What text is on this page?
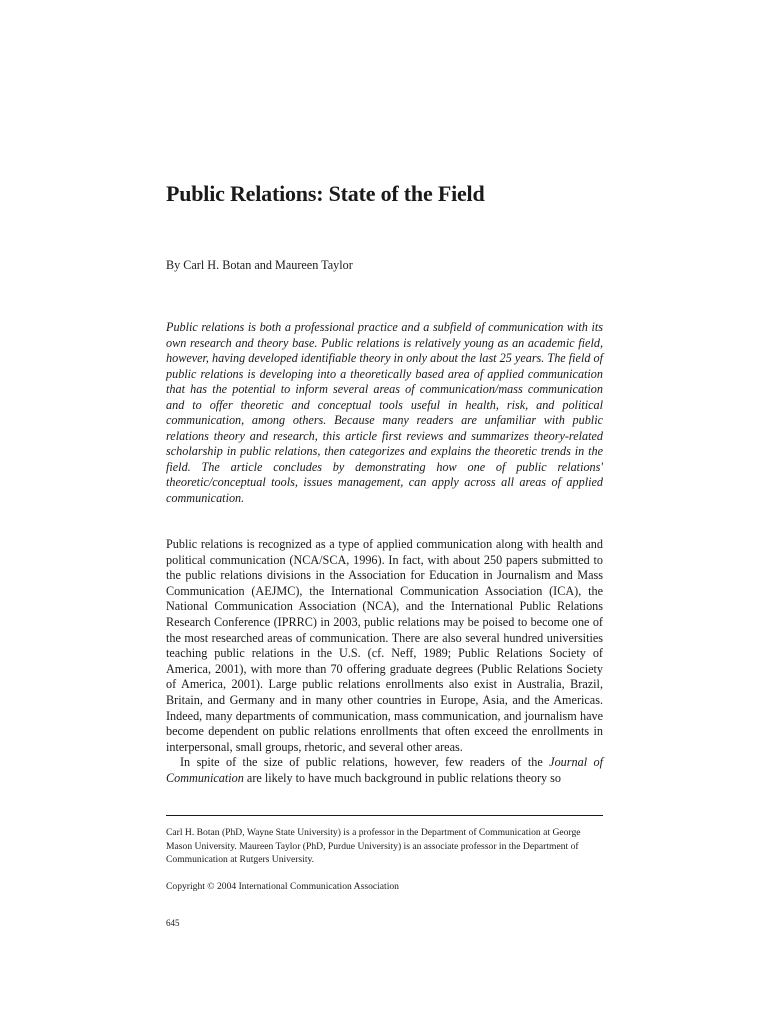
Public Relations: State of the Field
By Carl H. Botan and Maureen Taylor

Public relations is both a professional practice and a subfield of communication with its own research and theory base. Public relations is relatively young as an academic field, however, having developed identifiable theory in only about the last 25 years. The field of public relations is developing into a theoretically based area of applied communication that has the potential to inform several areas of communication/mass communication and to offer theoretic and conceptual tools useful in health, risk, and political communication, among others. Because many readers are unfamiliar with public relations theory and research, this article first reviews and summarizes theory-related scholarship in public relations, then categorizes and explains the theoretic trends in the field. The article concludes by demonstrating how one of public relations' theoretic/conceptual tools, issues management, can apply across all areas of applied communication.

Public relations is recognized as a type of applied communication along with health and political communication (NCA/SCA, 1996). In fact, with about 250 papers submitted to the public relations divisions in the Association for Education in Journalism and Mass Communication (AEJMC), the International Communication Association (ICA), the National Communication Association (NCA), and the International Public Relations Research Conference (IPRRC) in 2003, public relations may be poised to become one of the most researched areas of communication. There are also several hundred universities teaching public relations in the U.S. (cf. Neff, 1989; Public Relations Society of America, 2001), with more than 70 offering graduate degrees (Public Relations Society of America, 2001). Large public relations enrollments also exist in Australia, Brazil, Britain, and Germany and in many other countries in Europe, Asia, and the Americas. Indeed, many departments of communication, mass communication, and journalism have become dependent on public relations enrollments that often exceed the enrollments in interpersonal, small groups, rhetoric, and several other areas.

In spite of the size of public relations, however, few readers of the Journal of Communication are likely to have much background in public relations theory so

Carl H. Botan (PhD, Wayne State University) is a professor in the Department of Communication at George Mason University. Maureen Taylor (PhD, Purdue University) is an associate professor in the Department of Communication at Rutgers University.

Copyright © 2004 International Communication Association
645
